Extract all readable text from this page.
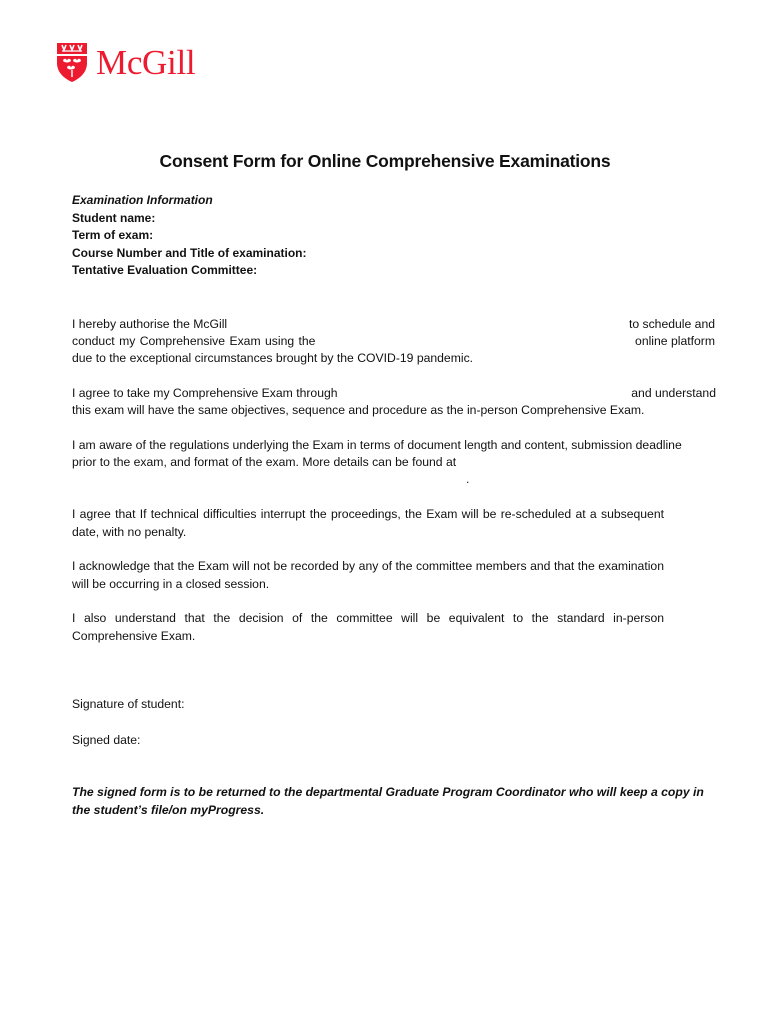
McGill
Consent Form for Online Comprehensive Examinations
Examination Information
Student name:
Term of exam:
Course Number and Title of examination:
Tentative Evaluation Committee:
I hereby authorise the McGill	to schedule and
conduct my Comprehensive Exam using the	online platform
due to the exceptional circumstances brought by the COVID-19 pandemic.
I agree to take my Comprehensive Exam through	and understand
this exam will have the same objectives, sequence and procedure as the in-person Comprehensive Exam.
I am aware of the regulations underlying the Exam in terms of document length and content, submission deadline
prior to the exam, and format of the exam. More details can be found at
.

I agree that If technical difficulties interrupt the proceedings, the Exam will be re-scheduled at a subsequent date, with no penalty.

I acknowledge that the Exam will not be recorded by any of the committee members and that the examination will be occurring in a closed session.

I also understand that the decision of the committee will be equivalent to the standard in-person Comprehensive Exam.

Signature of student:
Signed date:

The signed form is to be returned to the departmental Graduate Program Coordinator who will keep a copy in the student’s file/on myProgress.
